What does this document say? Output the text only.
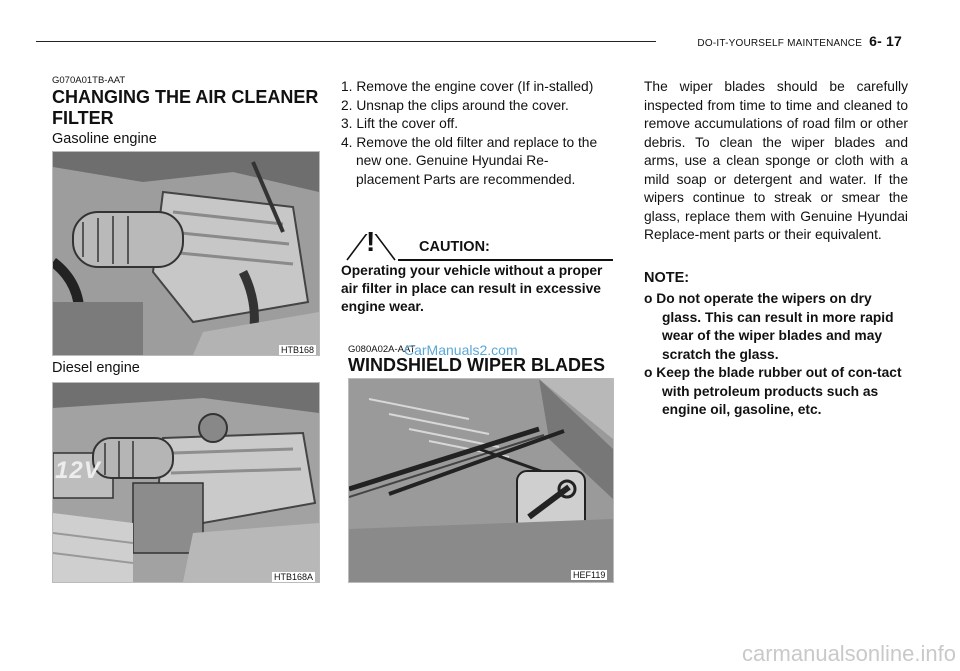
DO-IT-YOURSELF MAINTENANCE 6- 17
G070A01TB-AAT
CHANGING THE AIR CLEANER
FILTER
Gasoline engine
HTB168
Diesel engine
12V
HTB168A
1. Remove the engine cover (If in-stalled)
2. Unsnap the clips around the cover.
3. Lift the cover off.
4. Remove the old filter and replace to the new one. Genuine Hyundai Re-placement Parts are recommended.
!	CAUTION:
Operating your vehicle without a proper air filter in place can result in excessive engine wear.
G080A02A-AAT
WINDSHIELD WIPER BLADES
CarManuals2.com
HEF119
The wiper blades should be carefully inspected from time to time and cleaned to remove accumulations of road film or other debris. To clean the wiper blades and arms, use a clean sponge or cloth with a mild soap or detergent and water. If the wipers continue to streak or smear the glass, replace them with Genuine Hyundai Replace-ment parts or their equivalent.
NOTE:
o Do not operate the wipers on dry glass. This can result in more rapid wear of the wiper blades and may scratch the glass.
o Keep the blade rubber out of con-tact with petroleum products such as engine oil, gasoline, etc.
carmanualsonline.info
